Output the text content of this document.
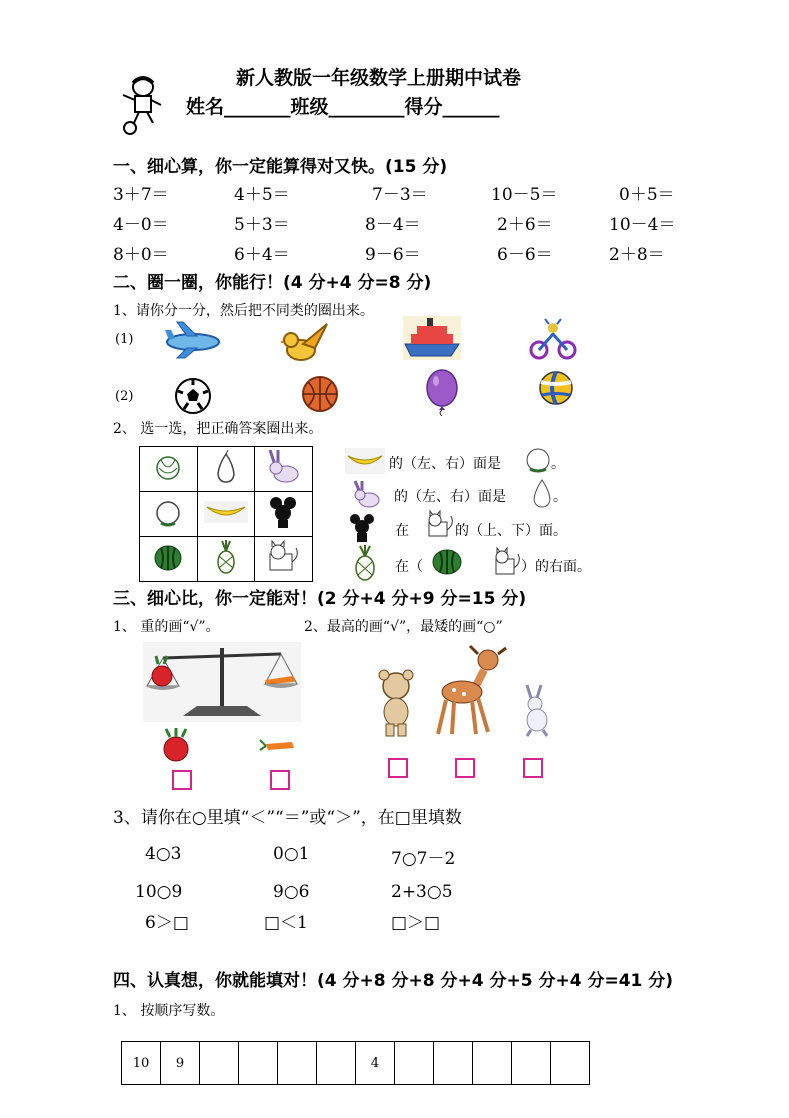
新人教版一年级数学上册期中试卷
姓名_______班级________得分______
一、细心算，你一定能算得对又快。(15 分)
3＋7＝	4＋5＝	7－3＝	10－5＝	0＋5＝
4－0＝	5＋3＝	8－4＝	2＋6＝	10－4＝
8＋0＝	6＋4＝	9－6＝	6－6＝	2＋8＝
二、圈一圈，你能行！(4 分+4 分=8 分)
1、请你分一分，然后把不同类的圈出来。
(1)
(2)
2、 选一选，把正确答案圈出来。

的（左、右）面是	。
的（左、右）面是	。
在	的（上、下）面。
在（	）的右面。
三、细心比，你一定能对！(2 分+4 分+9 分=15 分)
1、 重的画“√”。	2、最高的画“√”，最矮的画“○”
3、请你在○里填“＜”“＝”或“＞”，在□里填数
4○3	0○1	7○7－2
10○9	9○6	2+3○5
6＞□	□＜1	□＞□
四、认真想，你就能填对！(4 分+8 分+8 分+4 分+5 分+4 分=41 分)
1、 按顺序写数。
10	9					4					
